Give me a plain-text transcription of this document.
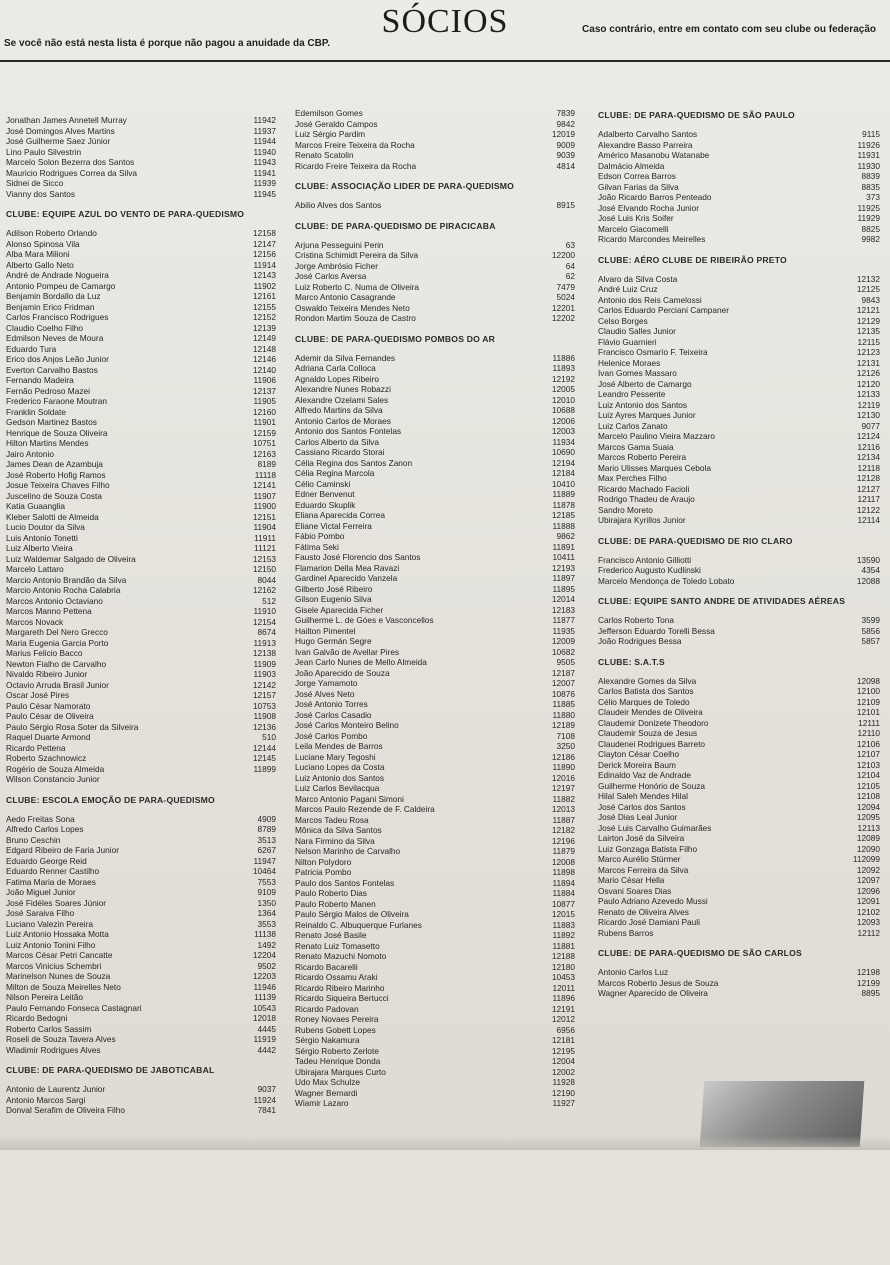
SÓCIOS
Se você não está nesta lista é porque não pagou a anuidade da CBP.
Caso contrário, entre em contato com seu clube ou federação
Jonathan James Annetell Murray	11942
José Domingos Alves Martins	11937
José Guilherme Saez Júnior	11944
Lino Paulo Silvestrin	11940
Marcelo Solon Bezerra dos Santos	11943
Mauricio Rodrigues Correa da Silva	11941
Sidnei de Sicco	11939
Vianny dos Santos	11945
CLUBE: EQUIPE AZUL DO VENTO DE PARA-QUEDISMO
Adilson Roberto Orlando	12158
Alonso Spinosa Vila	12147
Alba Mara Milioni	12156
Alberto Gallo Neto	11914
André de Andrade Nogueira	12143
Antonio Pompeu de Camargo	11902
Benjamin Bordallo da Luz	12161
Benjamin Erico Fridman	12155
Carlos Francisco Rodrigues	12152
Claudio Coelho Filho	12139
Edmilson Neves de Moura	12149
Eduardo Tura	12148
Erico dos Anjos Leão Junior	12146
Everton Carvalho Bastos	12140
Fernando Madeira	11906
Fernão Pedroso Mazei	12137
Frederico Faraone Moutran	11905
Franklin Soldate	12160
Gedson Martinez Bastos	11901
Henrique de Souza Oliveira	12159
Hilton Martins Mendes	10751
Jairo Antonio	12163
James Dean de Azambuja	8189
José Roberto Hofig Ramos	11118
Josue Teixeira Chaves Filho	12141
Juscelino de Souza Costa	11907
Katia Guaanglia	11900
Kleber Salotti de Almeida	12151
Lucio Doutor da Silva	11904
Luis Antonio Tonetti	11911
Luiz Alberto Vieira	11121
Luiz Waldemar Salgado de Oliveira	12153
Marcelo Lattaro	12150
Marcio Antonio Brandão da Silva	8044
Marcio Antonio Rocha Calabria	12162
Marcos Antonio Octaviano	512
Marcos Manno Pettena	11910
Marcos Novack	12154
Margareth Del Nero Grecco	8674
Maria Eugenia Garcia Porto	11913
Marius Felicio Bacco	12138
Newton Fialho de Carvalho	11909
Nivaldo Ribeiro Junior	11903
Octavio Arruda Brasil Junior	12142
Oscar José Pires	12157
Paulo César Namorato	10753
Paulo César de Oliveira	11908
Paulo Sérgio Rosa Soter da Silveira	12136
Raquel Duarte Armond	510
Ricardo Pettena	12144
Roberto Szachnowicz	12145
Rogério de Souza Almeida	11899
Wilson Constancio Junior
CLUBE: ESCOLA EMOÇÃO DE PARA-QUEDISMO
Aedo Freitas Sona	4909
Alfredo Carlos Lopes	8789
Bruno Ceschin	3513
Edgard Ribeiro de Faria Junior	6267
Eduardo George Reid	11947
Eduardo Renner Castilho	10464
Fatima Maria de Moraes	7553
João Miguel Junior	9109
José Fidéles Soares Júnior	1350
José Saraiva Filho	1364
Luciano Valezin Pereira	3553
Luiz Antonio Hossaka Motta	11138
Luiz Antonio Tonini Filho	1492
Marcos César Petri Cancatte	12204
Marcos Vinicius Schembri	9502
Marinelson Nunes de Souza	12203
Milton de Souza Meirelles Neto	11946
Nilson Pereira Leitão	11139
Paulo Fernando Fonseca Castagnari	10543
Ricardo Bedogni	12018
Roberto Carlos Sassim	4445
Roseli de Souza Tavera Alves	11919
Wladimir Rodrigues Alves	4442
CLUBE: DE PARA-QUEDISMO DE JABOTICABAL
Antonio de Laurentz Junior	9037
Antonio Marcos Sargi	11924
Donval Serafim de Oliveira Filho	7841
Edemilson Gomes	7839
José Geraldo Campos	9842
Luiz Sérgio Pardim	12019
Marcos Freire Teixeira da Rocha	9009
Renato Scatolin	9039
Ricardo Freire Teixeira da Rocha	4814
CLUBE: ASSOCIAÇÃO LIDER DE PARA-QUEDISMO
Abilio Alves dos Santos	8915
CLUBE: DE PARA-QUEDISMO DE PIRACICABA
Arjuna Pesseguini Perin	63
Cristina Schimidt Pereira da Silva	12200
Jorge Ambrósio Ficher	64
José Carlos Aversa	62
Luiz Roberto C. Numa de Oliveira	7479
Marco Antonio Casagrande	5024
Oswaldo Teixeira Mendes Neto	12201
Rondon Martim Souza de Castro	12202
CLUBE: DE PARA-QUEDISMO POMBOS DO AR
Ademir da Silva Fernandes	11886
Adriana Carla Colloca	11893
Agnaldo Lopes Ribeiro	12192
Alexandre Nunes Robazzi	12005
Alexandre Ozelami Sales	12010
Alfredo Martins da Silva	10688
Antonio Carlos de Moraes	12006
Antonio dos Santos Fontelas	12003
Carlos Alberto da Silva	11934
Cassiano Ricardo Storai	10690
Célia Regina dos Santos Zanon	12194
Célia Regina Marcola	12184
Célio Caminski	10410
Edner Benvenut	11889
Eduardo Skuplik	11878
Eliana Aparecida Correa	12185
Eliane Victal Ferreira	11888
Fábio Pombo	9862
Fátima Seki	11891
Fausto José Florencio dos Santos	10411
Flamarion Della Mea Ravazi	12193
Gardinel Aparecido Vanzela	11897
Gilberto José Ribeiro	11895
Gilson Eugenio Silva	12014
Gisele Aparecida Ficher	12183
Guilherme L. de Góes e Vasconcellos	11877
Hailton Pimentel	11935
Hugo Germán Segre	12009
Ivan Galvão de Avellar Pires	10682
Jean Carlo Nunes de Mello Almeida	9505
João Aparecido de Souza	12187
Jorge Yamamoto	12007
José Alves Neto	10876
José Antonio Torres	11885
José Carlos Casadio	11880
José Carlos Monteiro Belino	12189
José Carlos Pombo	7108
Leila Mendes de Barros	3250
Luciane Mary Tegoshi	12186
Luciano Lopes da Costa	11890
Luiz Antonio dos Santos	12016
Luiz Carlos Bevilacqua	12197
Marco Antonio Pagani Simoni	11882
Marcos Paulo Rezende de F. Caldeira	12013
Marcos Tadeu Rosa	11887
Mônica da Silva Santos	12182
Nara Firmino da Silva	12196
Nelson Marinho de Carvalho	11879
Nilton Polydoro	12008
Patricia Pombo	11898
Paulo dos Santos Fontelas	11894
Paulo Roberto Dias	11884
Paulo Roberto Manen	10877
Paulo Sérgio Malos de Oliveira	12015
Reinaldo C. Albuquerque Furlanes	11883
Renato José Basile	11892
Renato Luiz Tomasetto	11881
Renato Mazuchi Nomoto	12188
Ricardo Bacarelli	12180
Ricardo Ossamu Araki	10453
Ricardo Ribeiro Marinho	12011
Ricardo Siqueira Bertucci	11896
Ricardo Padovan	12191
Roney Novaes Pereira	12012
Rubens Gobett Lopes	6956
Sérgio Nakamura	12181
Sérgio Roberto Zerlote	12195
Tadeu Henrique Donda	12004
Ubirajara Marques Curto	12002
Udo Max Schulze	11928
Wagner Bernardi	12190
Wiamir Lazaro	11927
CLUBE: DE PARA-QUEDISMO DE SÃO PAULO
Adalberto Carvalho Santos	9115
Alexandre Basso Parreira	11926
Américo Masanobu Watanabe	11931
Dalmácio Almeida	11930
Edson Correa Barros	8839
Gilvan Farias da Silva	8835
João Ricardo Barros Penteado	373
José Elvando Rocha Junior	11925
José Luis Kris Soifer	11929
Marcelo Giacomelli	8825
Ricardo Marcondes Meirelles	9982
CLUBE: AÉRO CLUBE DE RIBEIRÃO PRETO
Alvaro da Silva Costa	12132
André Luiz Cruz	12125
Antonio dos Reis Camelossi	9843
Carlos Eduardo Perciani Campaner	12121
Celso Borges	12129
Claudio Salles Junior	12135
Flávio Guarnieri	12115
Francisco Osmarío F. Teixeira	12123
Helenice Moraes	12131
Ivan Gomes Massaro	12126
José Alberto de Camargo	12120
Leandro Pessente	12133
Luiz Antonio dos Santos	12119
Luiz Ayres Marques Junior	12130
Luiz Carlos Zanato	9077
Marcelo Paulino Vieira Mazzaro	12124
Marcos Gama Suaia	12116
Marcos Roberto Pereira	12134
Mario Ulisses Marques Cebola	12118
Max Perches Filho	12128
Ricardo Machado Facioli	12127
Rodrigo Thadeu de Araujo	12117
Sandro Moreto	12122
Ubirajara Kyrillos Junior	12114
CLUBE: DE PARA-QUEDISMO DE RIO CLARO
Francisco Antonio Gilliotti	13590
Frederico Augusto Kudlinski	4354
Marcelo Mendonça de Toledo Lobato	12088
CLUBE: EQUIPE SANTO ANDRE DE ATIVIDADES AÉREAS
Carlos Roberto Tona	3599
Jefferson Eduardo Torelli Bessa	5856
João Rodrigues Bessa	5857
CLUBE: S.A.T.S
Alexandre Gomes da Silva	12098
Carlos Batista dos Santos	12100
Célio Marques de Toledo	12109
Claudeir Mendes de Oliveira	12101
Claudemir Donizete Theodoro	12111
Claudemir Souza de Jesus	12110
Claudenei Rodrigues Barreto	12106
Clayton César Coelho	12107
Derick Moreira Baum	12103
Edinaldo Vaz de Andrade	12104
Guilherme Honório de Souza	12105
Hilal Saleh Mendes Hilal	12108
José Carlos dos Santos	12094
José Dias Leal Junior	12095
José Luis Carvalho Guimarães	12113
Lairton José da Silveira	12089
Luiz Gonzaga Batista Filho	12090
Marco Aurélio Stürmer	112099
Marcos Ferreira da Silva	12092
Mario César Hella	12097
Osvani Soares Dias	12096
Paulo Adriano Azevedo Mussi	12091
Renato de Oliveira Alves	12102
Ricardo José Damiani Pauli	12093
Rubens Barros	12112
CLUBE: DE PARA-QUEDISMO DE SÃO CARLOS
Antonio Carlos Luz	12198
Marcos Roberto Jesus de Souza	12199
Wagner Aparecido de Oliveira	8895
